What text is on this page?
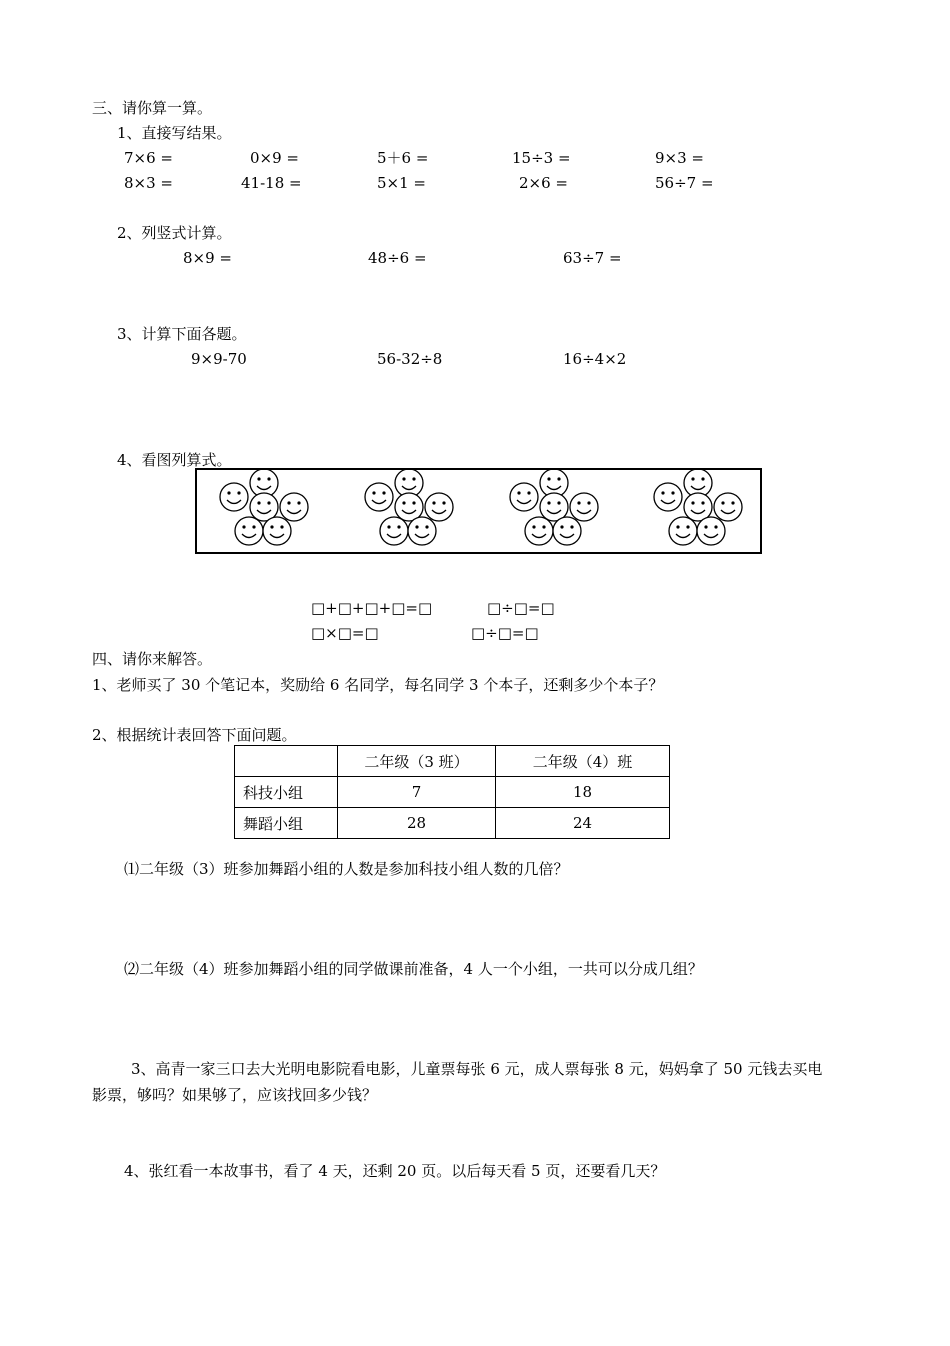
三、请你算一算。
1、直接写结果。
7×6 =	0×9 =	5＋6 =	15÷3 =	9×3 =
8×3 =	41-18 =	5×1 =	2×6 =	56÷7 =
2、列竖式计算。
8×9 =	48÷6 =	63÷7 =
3、计算下面各题。
9×9-70	56-32÷8	16÷4×2
4、看图列算式。
□+□+□+□=□	□÷□=□
□×□=□	□÷□=□
四、请你来解答。
1、老师买了 30 个笔记本，奖励给 6 名同学，每名同学 3 个本子，还剩多少个本子？
2、根据统计表回答下面问题。
	二年级（3 班）	二年级（4）班
科技小组	7	18
舞蹈小组	28	24
⑴二年级（3）班参加舞蹈小组的人数是参加科技小组人数的几倍？
⑵二年级（4）班参加舞蹈小组的同学做课前准备，4 人一个小组，一共可以分成几组？
3、高青一家三口去大光明电影院看电影，儿童票每张 6 元，成人票每张 8 元，妈妈拿了 50 元钱去买电
影票，够吗？如果够了，应该找回多少钱？
4、张红看一本故事书，看了 4 天，还剩 20 页。以后每天看 5 页，还要看几天？
